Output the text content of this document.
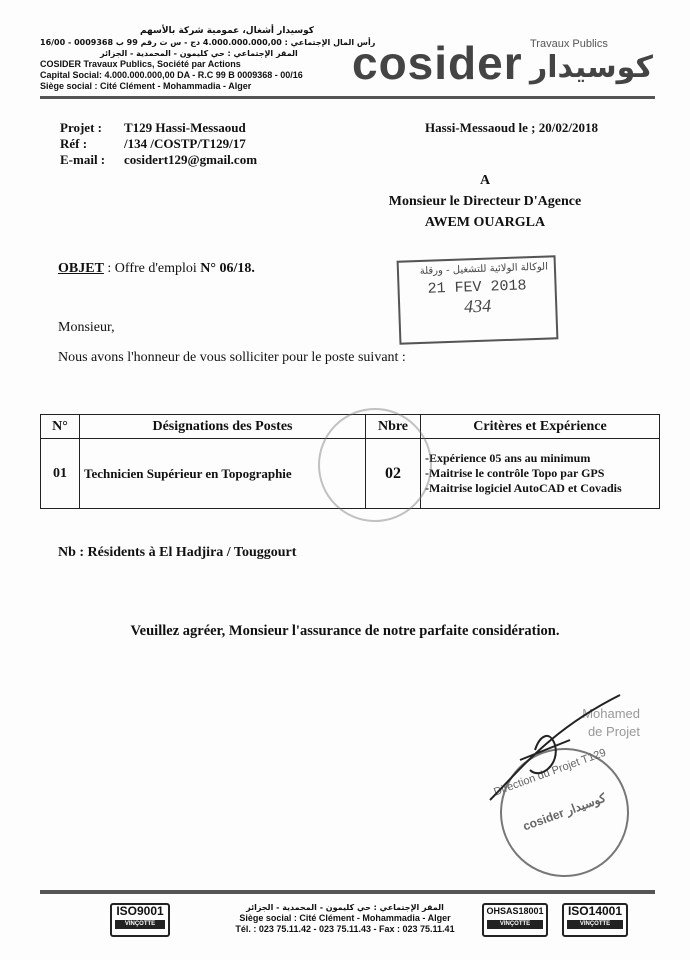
كوسيدار أشغال، عمومية شركة بالأسهم
رأس المال الإجتماعي : 4.000.000.000,00 دج - س ت رقم 99 ب 0009368 - 16/00
المقر الإجتماعي : حي كليمون - المحمدية - الجزائر
COSIDER Travaux Publics, Société par Actions
Capital Social: 4.000.000.000,00 DA - R.C 99 B 0009368 - 00/16
Siège social : Cité Clément - Mohammadia - Alger	cosider Travaux Publics
كوسيدار
Projet : T129 Hassi-Messaoud
Réf :	/134 /COSTP/T129/17
E-mail : cosidert129@gmail.com
Hassi-Messaoud le ; 20/02/2018
A
Monsieur le Directeur D'Agence
AWEM OUARGLA
OBJET : Offre d'emploi N° 06/18.	الوكالة الولائية للتشغيل - ورقلة
21 FEV 2018
434
Monsieur,
Nous avons l'honneur de vous solliciter pour le poste suivant :
N°	Désignations des Postes	Nbre	Critères et Expérience
01	Technicien Supérieur en Topographie	02	-Expérience 05 ans au minimum
-Maitrise le contrôle Topo par GPS
-Maitrise logiciel AutoCAD et Covadis
Nb : Résidents à El Hadjira / Touggourt
Veuillez agréer, Monsieur l'assurance de notre parfaite considération.
Mohamed
de Projet
Direction du Projet T129
cosider كوسيدار
ISO9001
VINÇOTTE
المقر الإجتماعي : حي كليمون - المحمدية - الجزائر
Siège social : Cité Clément - Mohammadia - Alger
Tél. : 023 75.11.42 - 023 75.11.43 - Fax : 023 75.11.41
OHSAS18001
VINÇOTTE
ISO14001
VINÇOTTE
